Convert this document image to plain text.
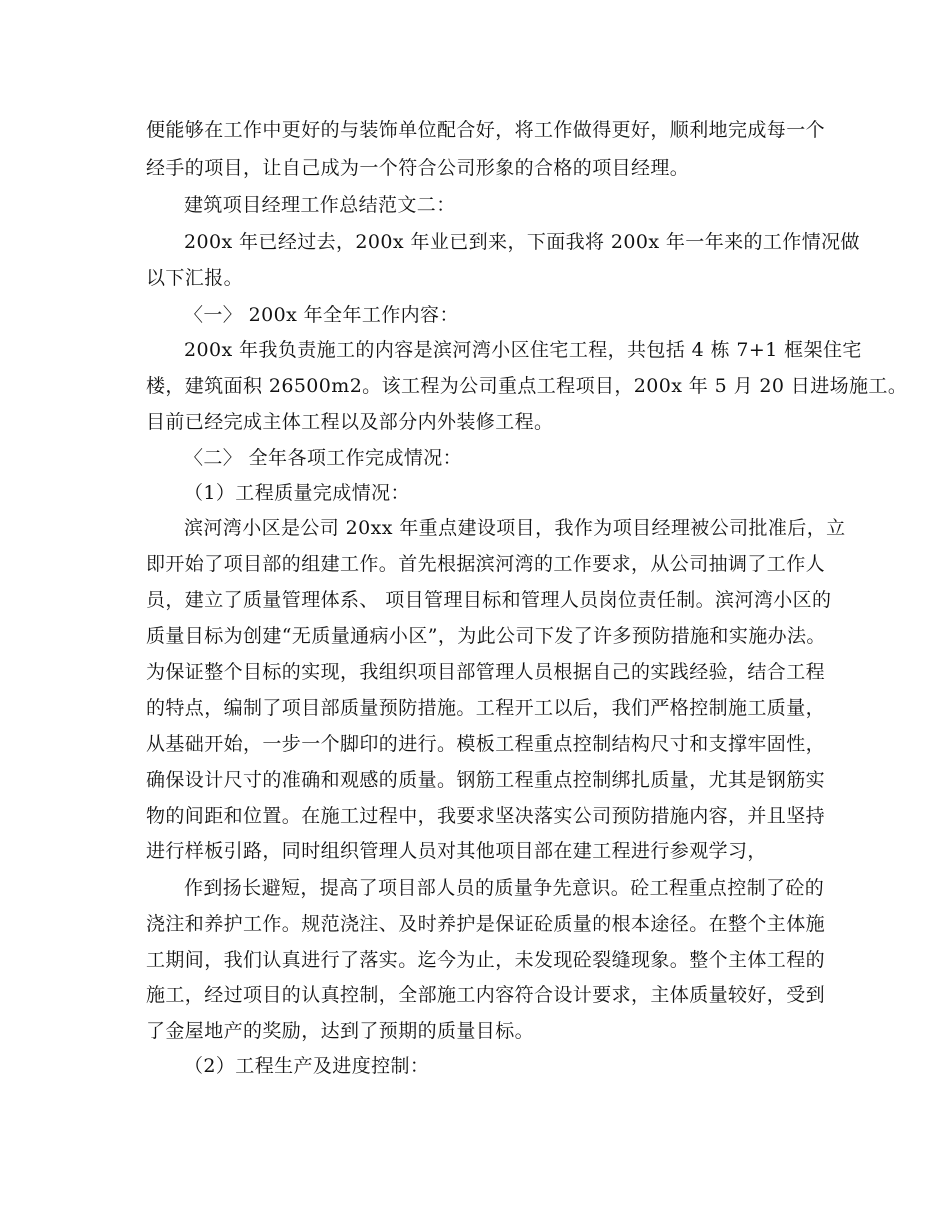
便能够在工作中更好的与装饰单位配合好，将工作做得更好，顺利地完成每一个
经手的项目，让自己成为一个符合公司形象的合格的项目经理。
建筑项目经理工作总结范文二：
200x 年已经过去，200x 年业已到来，下面我将 200x 年一年来的工作情况做
以下汇报。
〈一〉 200x 年全年工作内容：
200x 年我负责施工的内容是滨河湾小区住宅工程，共包括 4 栋 7+1 框架住宅
楼，建筑面积 26500m2。该工程为公司重点工程项目，200x 年 5 月 20 日进场施工。
目前已经完成主体工程以及部分内外装修工程。
〈二〉 全年各项工作完成情况：
（1）工程质量完成情况：
滨河湾小区是公司 20xx 年重点建设项目，我作为项目经理被公司批准后，立
即开始了项目部的组建工作。首先根据滨河湾的工作要求，从公司抽调了工作人
员，建立了质量管理体系、 项目管理目标和管理人员岗位责任制。滨河湾小区的
质量目标为创建“无质量通病小区”，为此公司下发了许多预防措施和实施办法。
为保证整个目标的实现，我组织项目部管理人员根据自己的实践经验，结合工程
的特点，编制了项目部质量预防措施。工程开工以后，我们严格控制施工质量，
从基础开始，一步一个脚印的进行。模板工程重点控制结构尺寸和支撑牢固性，
确保设计尺寸的准确和观感的质量。钢筋工程重点控制绑扎质量，尤其是钢筋实
物的间距和位置。在施工过程中，我要求坚决落实公司预防措施内容，并且坚持
进行样板引路，同时组织管理人员对其他项目部在建工程进行参观学习，
作到扬长避短，提高了项目部人员的质量争先意识。砼工程重点控制了砼的
浇注和养护工作。规范浇注、及时养护是保证砼质量的根本途径。在整个主体施
工期间，我们认真进行了落实。迄今为止，未发现砼裂缝现象。整个主体工程的
施工，经过项目的认真控制，全部施工内容符合设计要求，主体质量较好，受到
了金屋地产的奖励，达到了预期的质量目标。
（2）工程生产及进度控制：
